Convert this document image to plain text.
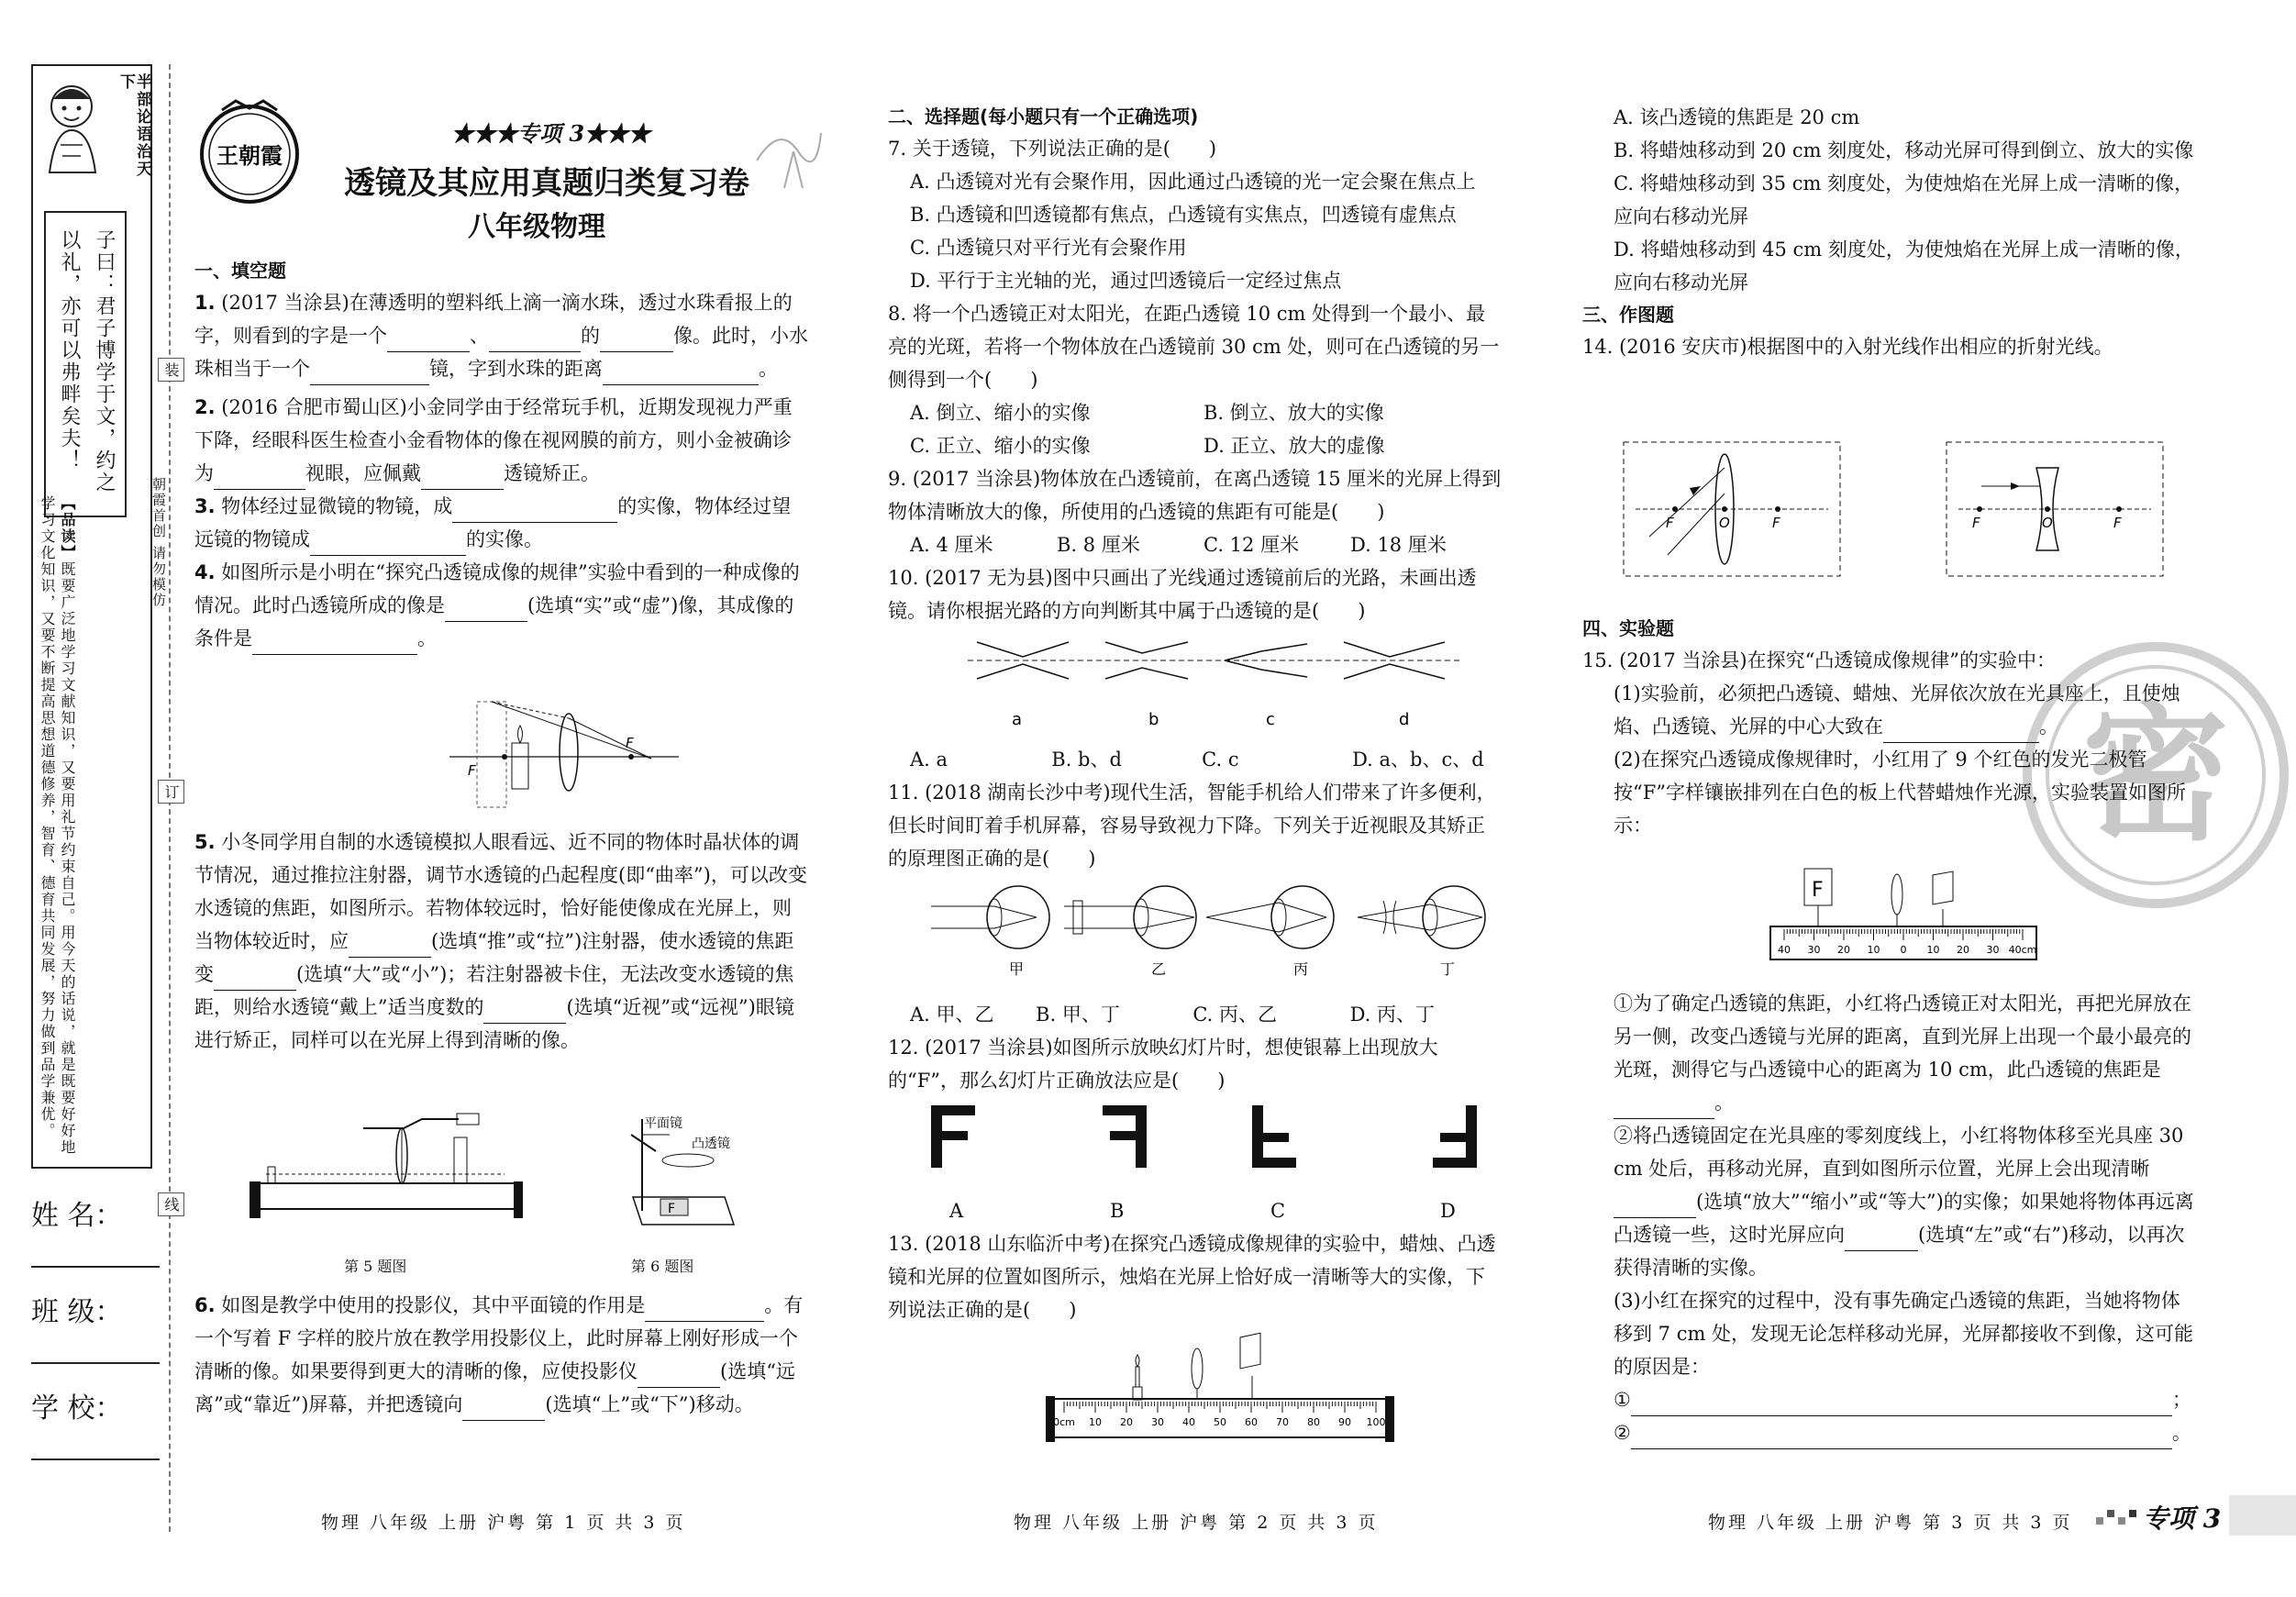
半部论语治天下
子曰：君子博学于文，约之
以礼，亦可以弗畔矣夫！
朝霞首创 请勿模仿
【品读】既要广泛地学习文献知识，又要用礼节约束自己。用今天的话说，就是既要好好地学习文化知识，又要不断提高思想道德修养，智育、德育共同发展，努力做到品学兼优。
姓 名：
班 级：
学 校：
装
订
线
王朝霞
★★★专项 3★★★
透镜及其应用真题归类复习卷
八年级物理
一、填空题

1. (2017 当涂县)在薄透明的塑料纸上滴一滴水珠，透过水珠看报上的字，则看到的字是一个	、	的	像。此时，小水珠相当于一个	镜，字到水珠的距离	。

2. (2016 合肥市蜀山区)小金同学由于经常玩手机，近期发现视力严重下降，经眼科医生检查小金看物体的像在视网膜的前方，则小金被确诊为	视眼，应佩戴	透镜矫正。

3. 物体经过显微镜的物镜，成	的实像，物体经过望远镜的物镜成	的实像。

4. 如图所示是小明在“探究凸透镜成像的规律”实验中看到的一种成像的情况。此时凸透镜所成的像是	(选填“实”或“虚”)像，其成像的条件是	。

F
F

5. 小冬同学用自制的水透镜模拟人眼看远、近不同的物体时晶状体的调节情况，通过推拉注射器，调节水透镜的凸起程度(即“曲率”)，可以改变水透镜的焦距，如图所示。若物体较远时，恰好能使像成在光屏上，则当物体较近时，应	(选填“推”或“拉”)注射器，使水透镜的焦距变	(选填“大”或“小”)；若注射器被卡住，无法改变水透镜的焦距，则给水透镜“戴上”适当度数的	(选填“近视”或“远视”)眼镜进行矫正，同样可以在光屏上得到清晰的像。

第 5 题图
F
平面镜
凸透镜
第 6 题图

6. 如图是教学中使用的投影仪，其中平面镜的作用是	。有一个写着 F 字样的胶片放在教学用投影仪上，此时屏幕上刚好形成一个清晰的像。如果要得到更大的清晰的像，应使投影仪	(选填“远离”或“靠近”)屏幕，并把透镜向	(选填“上”或“下”)移动。

物理 八年级 上册 沪粤 第 1 页 共 3 页
二、选择题(每小题只有一个正确选项)
7. 关于透镜，下列说法正确的是(　　)
A. 凸透镜对光有会聚作用，因此通过凸透镜的光一定会聚在焦点上
B. 凸透镜和凹透镜都有焦点，凸透镜有实焦点，凹透镜有虚焦点
C. 凸透镜只对平行光有会聚作用
D. 平行于主光轴的光，通过凹透镜后一定经过焦点
8. 将一个凸透镜正对太阳光，在距凸透镜 10 cm 处得到一个最小、最亮的光斑，若将一个物体放在凸透镜前 30 cm 处，则可在凸透镜的另一侧得到一个(　　)
A. 倒立、缩小的实像	B. 倒立、放大的实像
C. 正立、缩小的实像	D. 正立、放大的虚像
9. (2017 当涂县)物体放在凸透镜前，在离凸透镜 15 厘米的光屏上得到物体清晰放大的像，所使用的凸透镜的焦距有可能是(　　)
A. 4 厘米	B. 8 厘米	C. 12 厘米	D. 18 厘米
10. (2017 无为县)图中只画出了光线通过透镜前后的光路，未画出透镜。请你根据光路的方向判断其中属于凸透镜的是(　　)
a	b	c	d
A. a	B. b、d	C. c	D. a、b、c、d
11. (2018 湖南长沙中考)现代生活，智能手机给人们带来了许多便利，但长时间盯着手机屏幕，容易导致视力下降。下列关于近视眼及其矫正的原理图正确的是(　　)
甲	乙	丙	丁
A. 甲、乙	B. 甲、丁	C. 丙、乙	D. 丙、丁
12. (2017 当涂县)如图所示放映幻灯片时，想使银幕上出现放大的“F”，那么幻灯片正确放法应是(　　)
A	B	C	D
13. (2018 山东临沂中考)在探究凸透镜成像规律的实验中，蜡烛、凸透镜和光屏的位置如图所示，烛焰在光屏上恰好成一清晰等大的实像，下列说法正确的是(　　)
0cm 10 20 30 40 50 60 70 80 90 100
物理 八年级 上册 沪粤 第 2 页 共 3 页
A. 该凸透镜的焦距是 20 cm
B. 将蜡烛移动到 20 cm 刻度处，移动光屏可得到倒立、放大的实像
C. 将蜡烛移动到 35 cm 刻度处，为使烛焰在光屏上成一清晰的像，应向右移动光屏
D. 将蜡烛移动到 45 cm 刻度处，为使烛焰在光屏上成一清晰的像，应向右移动光屏
三、作图题
14. (2016 安庆市)根据图中的入射光线作出相应的折射光线。
F	O	F	F	O	F
密
四、实验题
15. (2017 当涂县)在探究“凸透镜成像规律”的实验中：

(1)实验前，必须把凸透镜、蜡烛、光屏依次放在光具座上，且使烛焰、凸透镜、光屏的中心大致在	。

(2)在探究凸透镜成像规律时，小红用了 9 个红色的发光二极管按“F”字样镶嵌排列在白色的板上代替蜡烛作光源，实验装置如图所示：

F
40 30 20 10 0 10 20 30 40cm

①为了确定凸透镜的焦距，小红将凸透镜正对太阳光，再把光屏放在另一侧，改变凸透镜与光屏的距离，直到光屏上出现一个最小最亮的光斑，测得它与凸透镜中心的距离为 10 cm，此凸透镜的焦距是。

②将凸透镜固定在光具座的零刻度线上，小红将物体移至光具座 30 cm 处后，再移动光屏，直到如图所示位置，光屏上会出现清晰(选填“放大”“缩小”或“等大”)的实像；如果她将物体再远离凸透镜一些，这时光屏应向	(选填“左”或“右”)移动，以再次获得清晰的实像。

(3)小红在探究的过程中，没有事先确定凸透镜的焦距，当她将物体移到 7 cm 处，发现无论怎样移动光屏，光屏都接收不到像，这可能的原因是：

①	；

②	。

物理 八年级 上册 沪粤 第 3 页 共 3 页	专项 3
